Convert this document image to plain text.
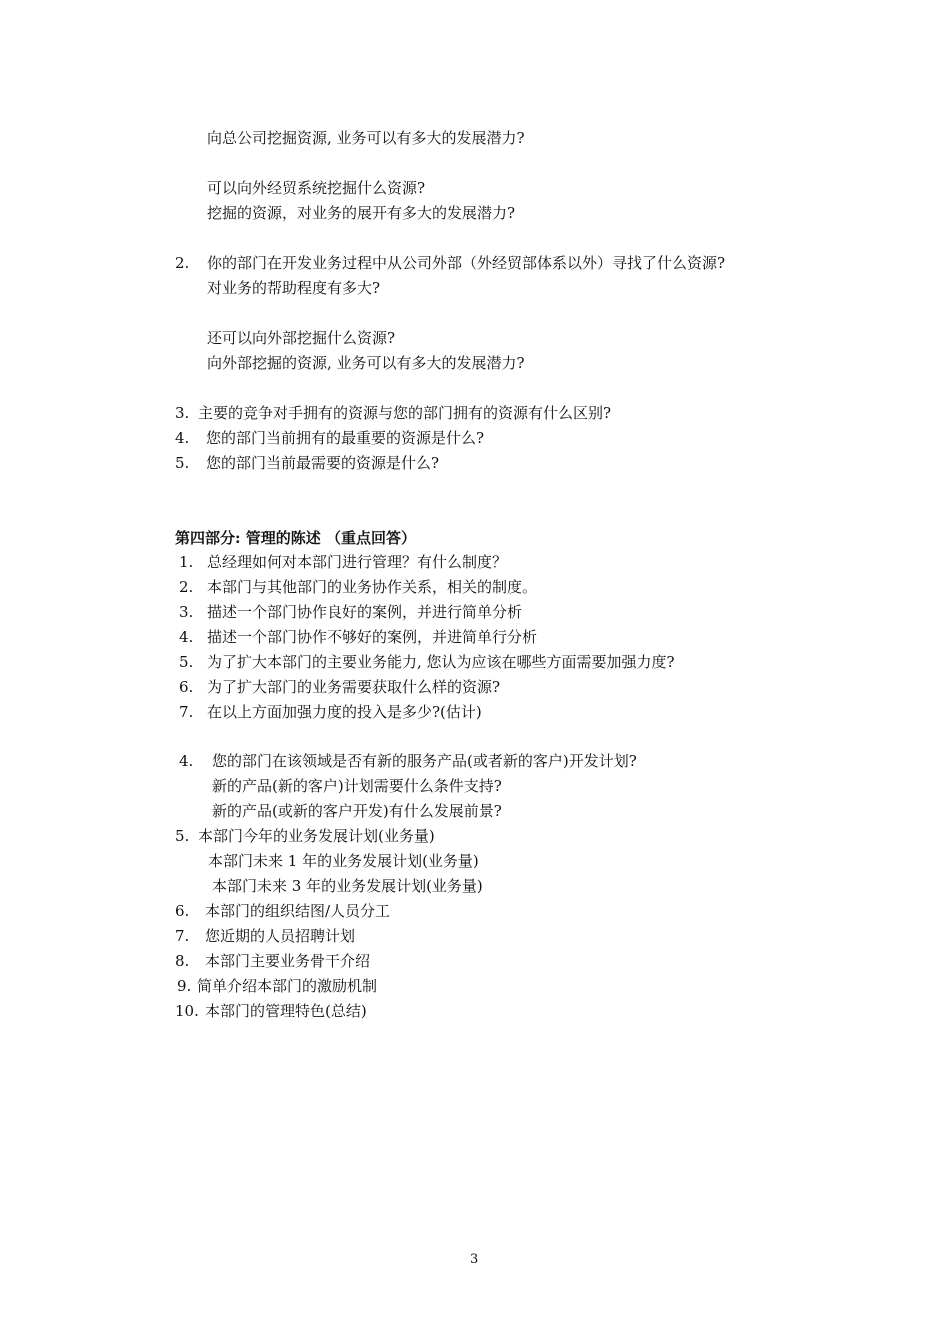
向总公司挖掘资源, 业务可以有多大的发展潜力?
可以向外经贸系统挖掘什么资源?
挖掘的资源，对业务的展开有多大的发展潜力?
2. 你的部门在开发业务过程中从公司外部（外经贸部体系以外）寻找了什么资源?
对业务的帮助程度有多大?
还可以向外部挖掘什么资源?
向外部挖掘的资源, 业务可以有多大的发展潜力?
3. 主要的竞争对手拥有的资源与您的部门拥有的资源有什么区别?
4. 您的部门当前拥有的最重要的资源是什么?
5. 您的部门当前最需要的资源是什么?
第四部分: 管理的陈述 （重点回答）
1. 总经理如何对本部门进行管理？有什么制度？
2. 本部门与其他部门的业务协作关系，相关的制度。
3. 描述一个部门协作良好的案例，并进行简单分析
4. 描述一个部门协作不够好的案例，并进简单行分析
5. 为了扩大本部门的主要业务能力, 您认为应该在哪些方面需要加强力度?
6. 为了扩大部门的业务需要获取什么样的资源?
7. 在以上方面加强力度的投入是多少?(估计)
4. 您的部门在该领域是否有新的服务产品(或者新的客户)开发计划?
新的产品(新的客户)计划需要什么条件支持?
新的产品(或新的客户开发)有什么发展前景?
5. 本部门今年的业务发展计划(业务量)
本部门未来 1 年的业务发展计划(业务量)
本部门未来 3 年的业务发展计划(业务量)
6. 本部门的组织结图/人员分工
7. 您近期的人员招聘计划
8. 本部门主要业务骨干介绍
9. 简单介绍本部门的激励机制
10. 本部门的管理特色(总结)
3
